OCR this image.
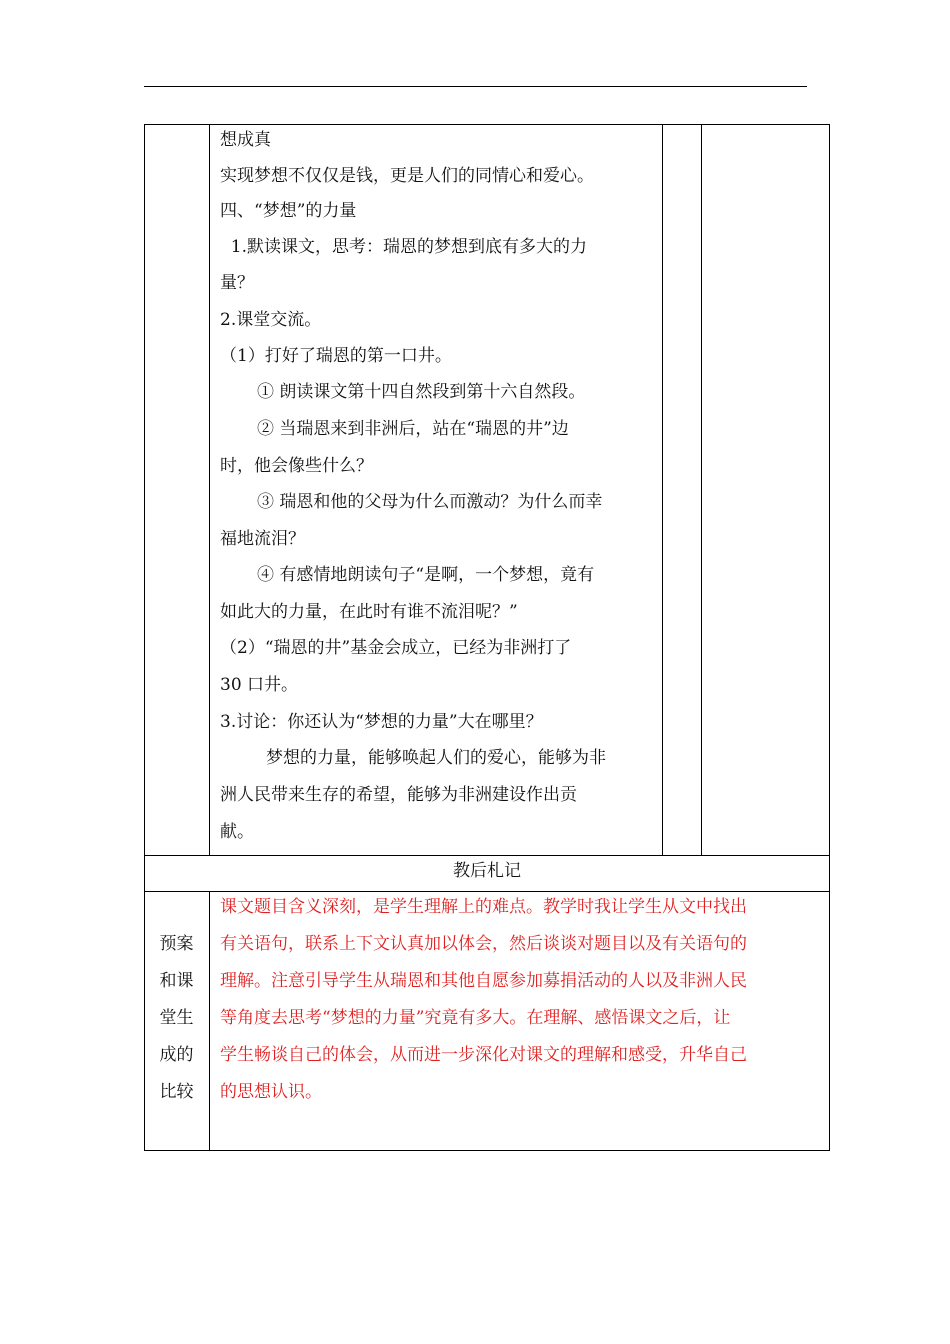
想成真
实现梦想不仅仅是钱，更是人们的同情心和爱心。
四、“梦想”的力量
1.默读课文，思考：瑞恩的梦想到底有多大的力
量？
2.课堂交流。
（1）打好了瑞恩的第一口井。
① 朗读课文第十四自然段到第十六自然段。
② 当瑞恩来到非洲后，站在“瑞恩的井”边
时，他会像些什么？
③ 瑞恩和他的父母为什么而激动？为什么而幸
福地流泪？
④ 有感情地朗读句子“是啊，一个梦想，竟有
如此大的力量，在此时有谁不流泪呢？”
（2）“瑞恩的井”基金会成立，已经为非洲打了
30 口井。
3.讨论：你还认为“梦想的力量”大在哪里？
梦想的力量，能够唤起人们的爱心，能够为非
洲人民带来生存的希望，能够为非洲建设作出贡
献。
教后札记
预案
和课
堂生
成的
比较
课文题目含义深刻，是学生理解上的难点。教学时我让学生从文中找出
有关语句，联系上下文认真加以体会，然后谈谈对题目以及有关语句的
理解。注意引导学生从瑞恩和其他自愿参加募捐活动的人以及非洲人民
等角度去思考“梦想的力量”究竟有多大。在理解、感悟课文之后，让
学生畅谈自己的体会，从而进一步深化对课文的理解和感受，升华自己
的思想认识。
